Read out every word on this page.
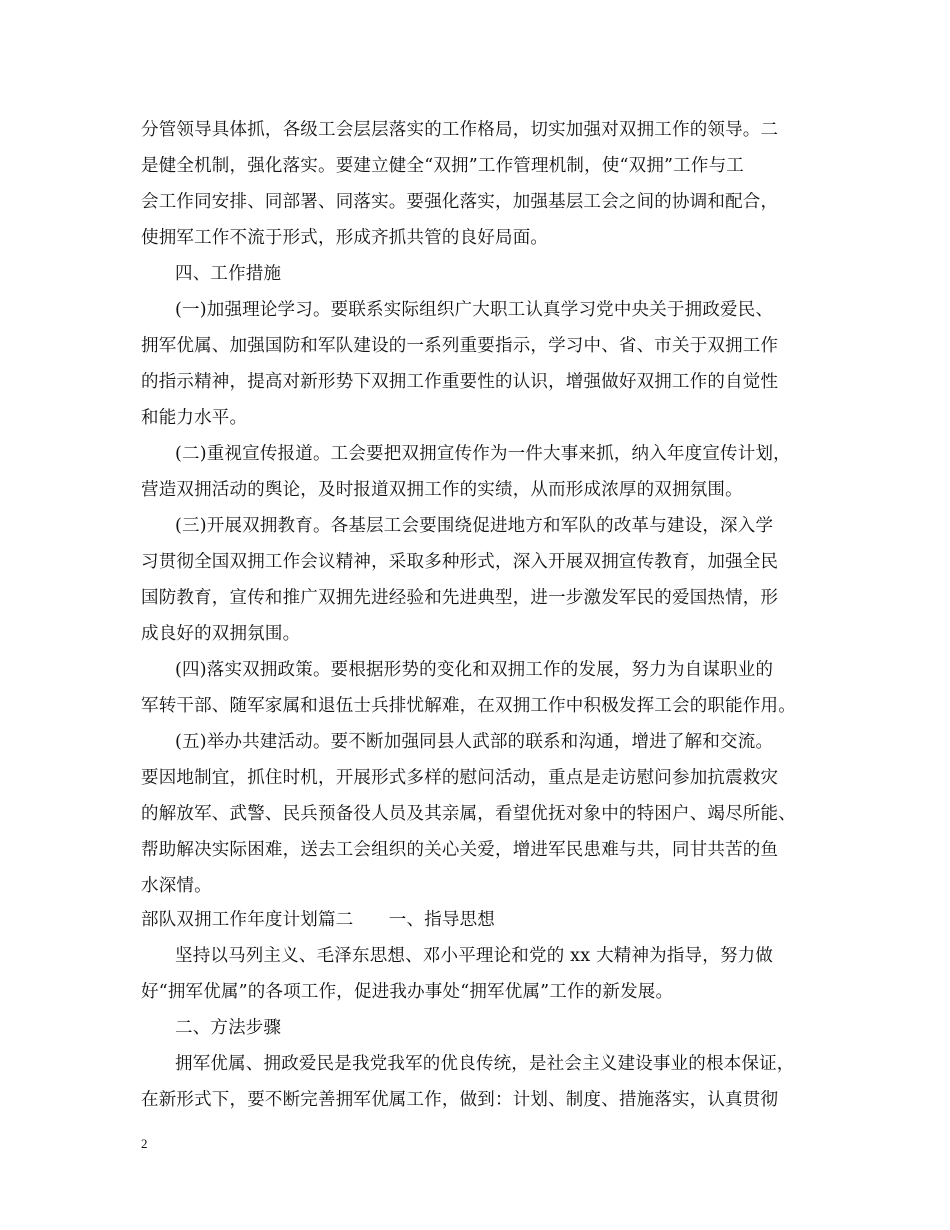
分管领导具体抓，各级工会层层落实的工作格局，切实加强对双拥工作的领导。二
是健全机制，强化落实。要建立健全“双拥”工作管理机制，使“双拥”工作与工
会工作同安排、同部署、同落实。要强化落实，加强基层工会之间的协调和配合，
使拥军工作不流于形式，形成齐抓共管的良好局面。
四、工作措施
(一)加强理论学习。要联系实际组织广大职工认真学习党中央关于拥政爱民、
拥军优属、加强国防和军队建设的一系列重要指示，学习中、省、市关于双拥工作
的指示精神，提高对新形势下双拥工作重要性的认识，增强做好双拥工作的自觉性
和能力水平。
(二)重视宣传报道。工会要把双拥宣传作为一件大事来抓，纳入年度宣传计划，
营造双拥活动的舆论，及时报道双拥工作的实绩，从而形成浓厚的双拥氛围。
(三)开展双拥教育。各基层工会要围绕促进地方和军队的改革与建设，深入学
习贯彻全国双拥工作会议精神，采取多种形式，深入开展双拥宣传教育，加强全民
国防教育，宣传和推广双拥先进经验和先进典型，进一步激发军民的爱国热情，形
成良好的双拥氛围。
(四)落实双拥政策。要根据形势的变化和双拥工作的发展，努力为自谋职业的
军转干部、随军家属和退伍士兵排忧解难，在双拥工作中积极发挥工会的职能作用。
(五)举办共建活动。要不断加强同县人武部的联系和沟通，增进了解和交流。
要因地制宜，抓住时机，开展形式多样的慰问活动，重点是走访慰问参加抗震救灾
的解放军、武警、民兵预备役人员及其亲属，看望优抚对象中的特困户、竭尽所能、
帮助解决实际困难，送去工会组织的关心关爱，增进军民患难与共，同甘共苦的鱼
水深情。
部队双拥工作年度计划篇二　　一、指导思想
坚持以马列主义、毛泽东思想、邓小平理论和党的 xx 大精神为指导，努力做
好“拥军优属”的各项工作，促进我办事处“拥军优属”工作的新发展。
二、方法步骤
拥军优属、拥政爱民是我党我军的优良传统，是社会主义建设事业的根本保证，
在新形式下，要不断完善拥军优属工作，做到：计划、制度、措施落实，认真贯彻
2
